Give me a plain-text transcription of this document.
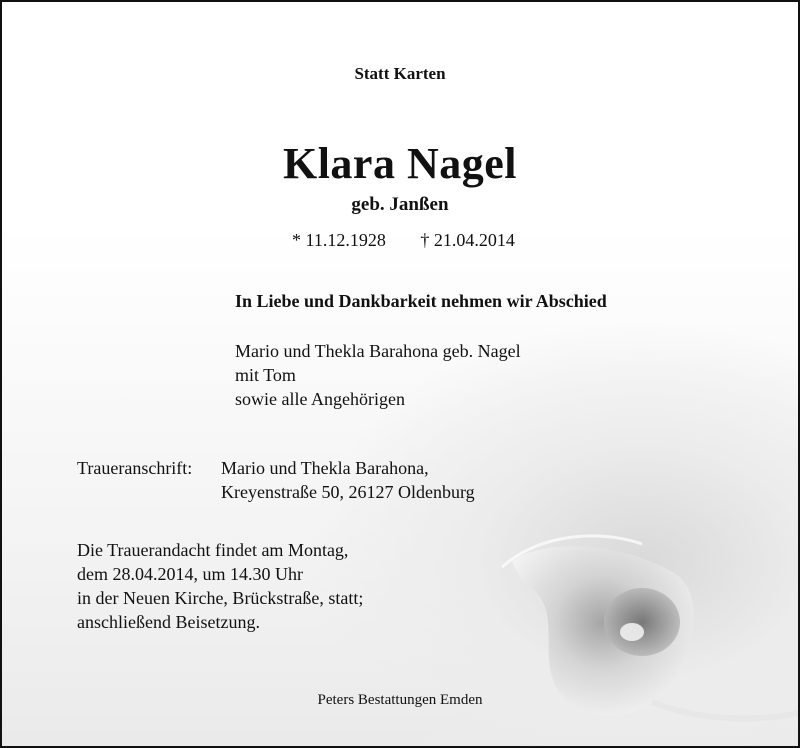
Statt Karten
Klara Nagel
geb. Janßen
* 11.12.1928 † 21.04.2014
In Liebe und Dankbarkeit nehmen wir Abschied
Mario und Thekla Barahona geb. Nagel
mit Tom
sowie alle Angehörigen
Traueranschrift: Mario und Thekla Barahona,
Kreyenstraße 50, 26127 Oldenburg
Die Trauerandacht findet am Montag,
dem 28.04.2014, um 14.30 Uhr
in der Neuen Kirche, Brückstraße, statt;
anschließend Beisetzung.
Peters Bestattungen Emden
